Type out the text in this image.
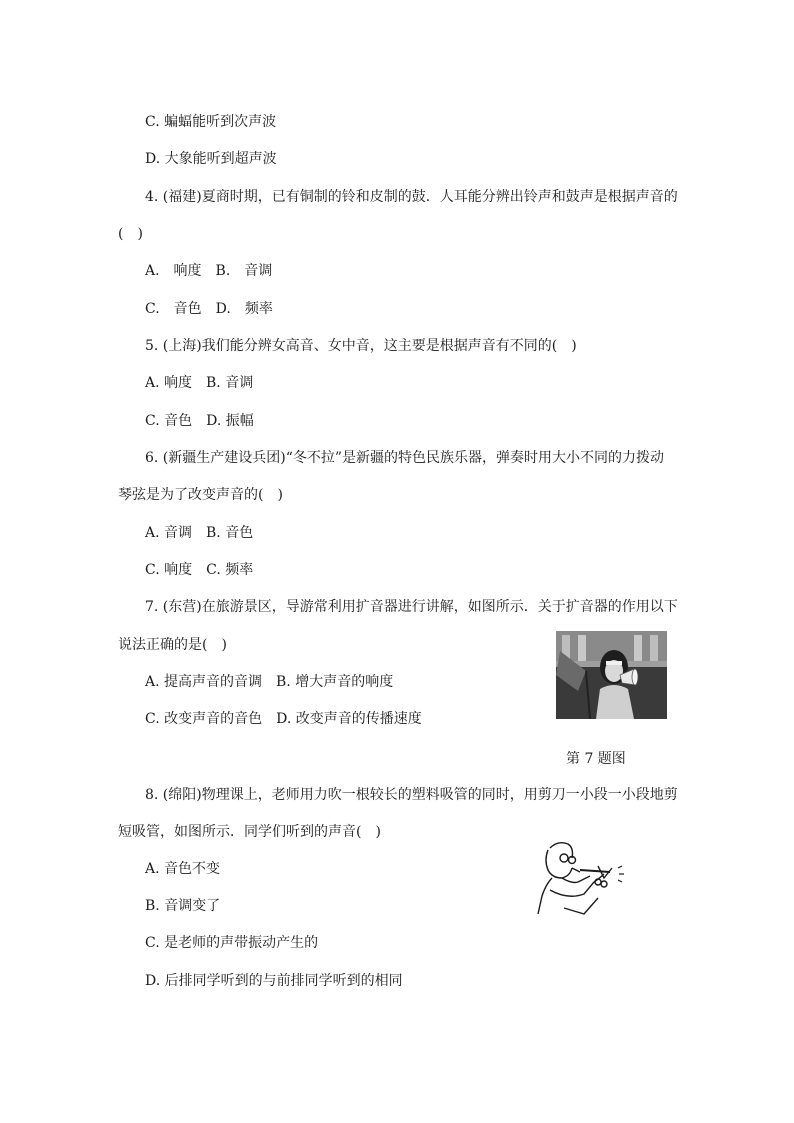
C. 蝙蝠能听到次声波
D. 大象能听到超声波
4. (福建)夏商时期，已有铜制的铃和皮制的鼓．人耳能分辨出铃声和鼓声是根据声音的
(　)
A.　响度　B.　音调
C.　音色　D.　频率
5. (上海)我们能分辨女高音、女中音，这主要是根据声音有不同的(　)
A. 响度　B. 音调
C. 音色　D. 振幅
6. (新疆生产建设兵团)“冬不拉”是新疆的特色民族乐器，弹奏时用大小不同的力拨动
琴弦是为了改变声音的(　)
A. 音调　B. 音色
C. 响度　C. 频率
7. (东营)在旅游景区，导游常利用扩音器进行讲解，如图所示．关于扩音器的作用以下
说法正确的是(　)
A. 提高声音的音调　B. 增大声音的响度
C. 改变声音的音色　D. 改变声音的传播速度
第 7 题图
8. (绵阳)物理课上，老师用力吹一根较长的塑料吸管的同时，用剪刀一小段一小段地剪
短吸管，如图所示．同学们听到的声音(　)
A. 音色不变
B. 音调变了
C. 是老师的声带振动产生的
D. 后排同学听到的与前排同学听到的相同
